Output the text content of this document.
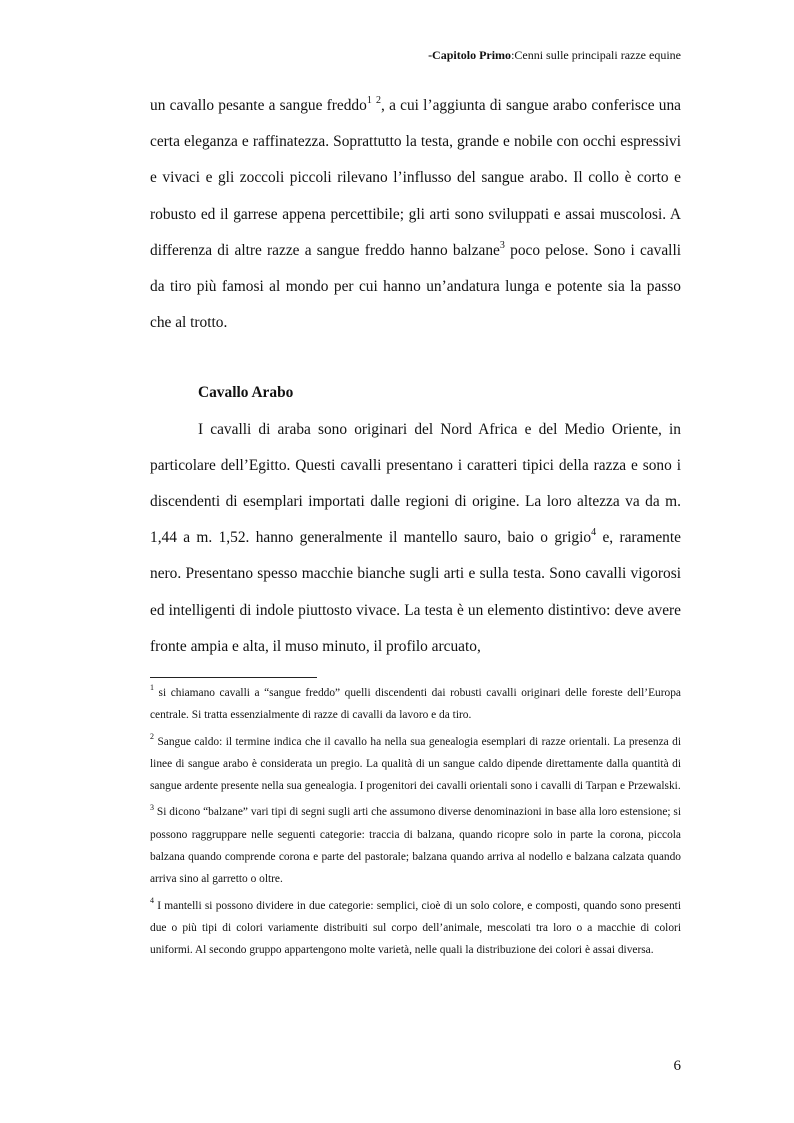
-Capitolo Primo:Cenni sulle principali razze equine

un cavallo pesante a sangue freddo$^1$ $^2$, a cui l’aggiunta di sangue arabo conferisce una certa eleganza e raffinatezza. Soprattutto la testa, grande e nobile con occhi espressivi e vivaci e gli zoccoli piccoli rilevano l’influsso del sangue arabo. Il collo è corto e robusto ed il garrese appena percettibile; gli arti sono sviluppati e assai muscolosi. A differenza di altre razze a sangue freddo hanno balzane$^3$ poco pelose. Sono i cavalli da tiro più famosi al mondo per cui hanno un’andatura lunga e potente sia la passo che al trotto.

Cavallo Arabo

I cavalli di araba sono originari del Nord Africa e del Medio Oriente, in particolare dell’Egitto. Questi cavalli presentano i caratteri tipici della razza e sono i discendenti di esemplari importati dalle regioni di origine. La loro altezza va da m. 1,44 a m. 1,52. hanno generalmente il mantello sauro, baio o grigio$^4$ e, raramente nero. Presentano spesso macchie bianche sugli arti e sulla testa. Sono cavalli vigorosi ed intelligenti di indole piuttosto vivace. La testa è un elemento distintivo: deve avere fronte ampia e alta, il muso minuto, il profilo arcuato,

$^1$ si chiamano cavalli a “sangue freddo” quelli discendenti dai robusti cavalli originari delle foreste dell’Europa centrale. Si tratta essenzialmente di razze di cavalli da lavoro e da tiro.

$^2$ Sangue caldo: il termine indica che il cavallo ha nella sua genealogia esemplari di razze orientali. La presenza di linee di sangue arabo è considerata un pregio. La qualità di un sangue caldo dipende direttamente dalla quantità di sangue ardente presente nella sua genealogia. I progenitori dei cavalli orientali sono i cavalli di Tarpan e Przewalski.

$^3$ Si dicono “balzane” vari tipi di segni sugli arti che assumono diverse denominazioni in base alla loro estensione; si possono raggruppare nelle seguenti categorie: traccia di balzana, quando ricopre solo in parte la corona, piccola balzana quando comprende corona e parte del pastorale; balzana quando arriva al nodello e balzana calzata quando arriva sino al garretto o oltre.

$^4$ I mantelli si possono dividere in due categorie: semplici, cioè di un solo colore, e composti, quando sono presenti due o più tipi di colori variamente distribuiti sul corpo dell’animale, mescolati tra loro o a macchie di colori uniformi. Al secondo gruppo appartengono molte varietà, nelle quali la distribuzione dei colori è assai diversa.

6
